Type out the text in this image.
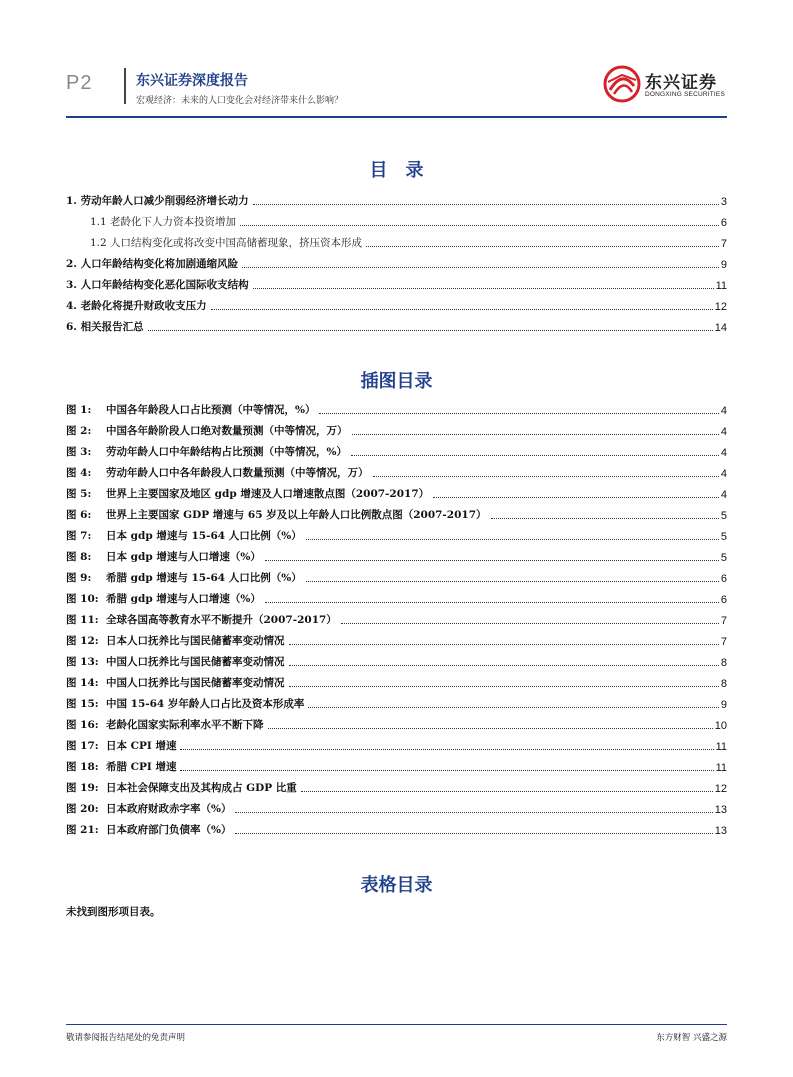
P2	东兴证券深度报告
宏观经济：未来的人口变化会对经济带来什么影响？
东兴证券
DONGXING SECURITIES
目　录
1. 劳动年龄人口减少削弱经济增长动力	3
1.1 老龄化下人力资本投资增加	6
1.2 人口结构变化或将改变中国高储蓄现象，挤压资本形成	7
2. 人口年龄结构变化将加剧通缩风险	9
3. 人口年龄结构变化恶化国际收支结构	11
4. 老龄化将提升财政收支压力	12
6. 相关报告汇总	14
插图目录
图 1:	中国各年龄段人口占比预测（中等情况，%）	4
图 2:	中国各年龄阶段人口绝对数量预测（中等情况，万）	4
图 3:	劳动年龄人口中年龄结构占比预测（中等情况，%）	4
图 4:	劳动年龄人口中各年龄段人口数量预测（中等情况，万）	4
图 5:	世界上主要国家及地区 gdp 增速及人口增速散点图（2007-2017）	4
图 6:	世界上主要国家 GDP 增速与 65 岁及以上年龄人口比例散点图（2007-2017）	5
图 7:	日本 gdp 增速与 15-64 人口比例（%）	5
图 8:	日本 gdp 增速与人口增速（%）	5
图 9:	希腊 gdp 增速与 15-64 人口比例（%）	6
图 10: 希腊 gdp 增速与人口增速（%）	6
图 11: 全球各国高等教育水平不断提升（2007-2017）	7
图 12: 日本人口抚养比与国民储蓄率变动情况	7
图 13: 中国人口抚养比与国民储蓄率变动情况	8
图 14: 中国人口抚养比与国民储蓄率变动情况	8
图 15: 中国 15-64 岁年龄人口占比及资本形成率	9
图 16: 老龄化国家实际利率水平不断下降	10
图 17: 日本 CPI 增速	11
图 18: 希腊 CPI 增速	11
图 19: 日本社会保障支出及其构成占 GDP 比重	12
图 20: 日本政府财政赤字率（%）	13
图 21: 日本政府部门负债率（%）	13
表格目录
未找到图形项目表。
敬请参阅报告结尾处的免责声明	东方财智 兴盛之源
